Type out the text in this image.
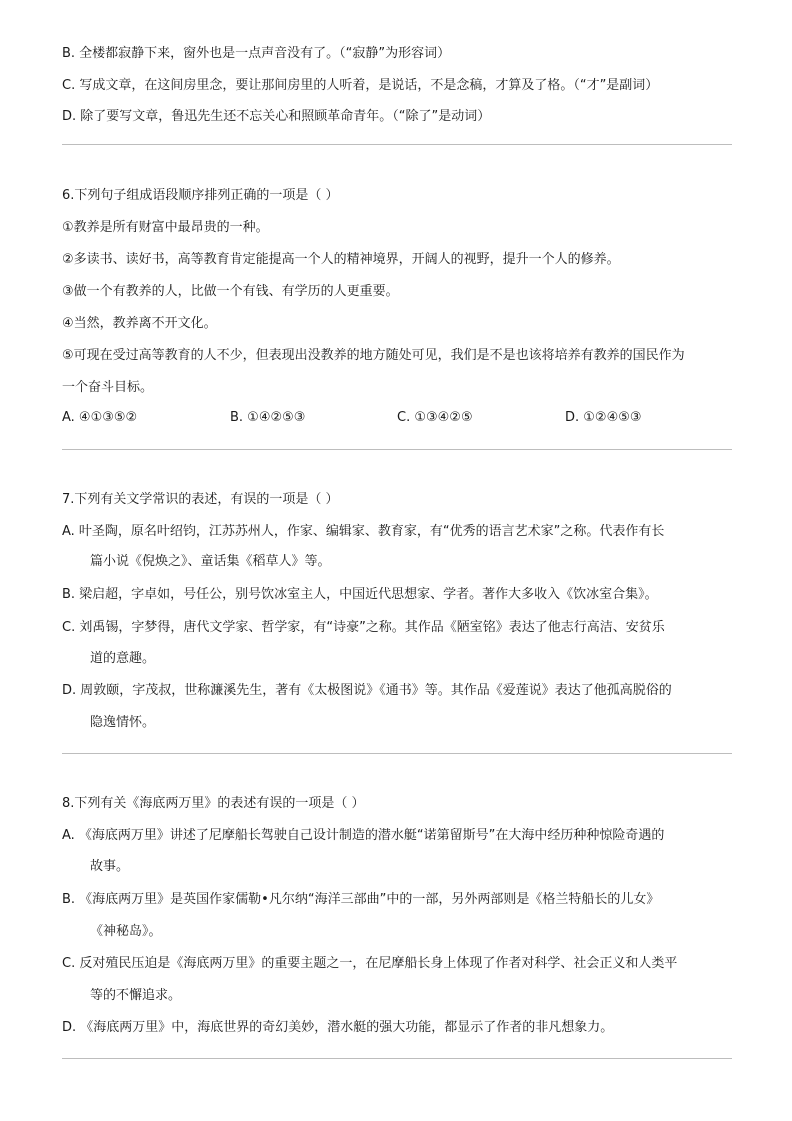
B. 全楼都寂静下来，窗外也是一点声音没有了。（“寂静”为形容词）
C. 写成文章，在这间房里念，要让那间房里的人听着，是说话，不是念稿，才算及了格。（“才”是副词）
D. 除了要写文章，鲁迅先生还不忘关心和照顾革命青年。（“除了”是动词）
6.下列句子组成语段顺序排列正确的一项是（ ）
①教养是所有财富中最昂贵的一种。
②多读书、读好书，高等教育肯定能提高一个人的精神境界，开阔人的视野，提升一个人的修养。
③做一个有教养的人，比做一个有钱、有学历的人更重要。
④当然，教养离不开文化。
⑤可现在受过高等教育的人不少，但表现出没教养的地方随处可见，我们是不是也该将培养有教养的国民作为
一个奋斗目标。
A. ④①③⑤②	B. ①④②⑤③	C. ①③④②⑤	D. ①②④⑤③
7.下列有关文学常识的表述，有误的一项是（ ）
A. 叶圣陶，原名叶绍钧，江苏苏州人，作家、编辑家、教育家，有“优秀的语言艺术家”之称。代表作有长
篇小说《倪焕之》、童话集《稻草人》等。
B. 梁启超，字卓如，号任公，别号饮冰室主人，中国近代思想家、学者。著作大多收入《饮冰室合集》。
C. 刘禹锡，字梦得，唐代文学家、哲学家，有“诗豪”之称。其作品《陋室铭》表达了他志行高洁、安贫乐
道的意趣。
D. 周敦颐，字茂叔，世称濂溪先生，著有《太极图说》《通书》等。其作品《爱莲说》表达了他孤高脱俗的
隐逸情怀。
8.下列有关《海底两万里》的表述有误的一项是（ ）
A. 《海底两万里》讲述了尼摩船长驾驶自己设计制造的潜水艇“诺第留斯号”在大海中经历种种惊险奇遇的
故事。
B. 《海底两万里》是英国作家儒勒•凡尔纳“海洋三部曲”中的一部，另外两部则是《格兰特船长的儿女》
《神秘岛》。
C. 反对殖民压迫是《海底两万里》的重要主题之一，在尼摩船长身上体现了作者对科学、社会正义和人类平
等的不懈追求。
D. 《海底两万里》中，海底世界的奇幻美妙，潜水艇的强大功能，都显示了作者的非凡想象力。
